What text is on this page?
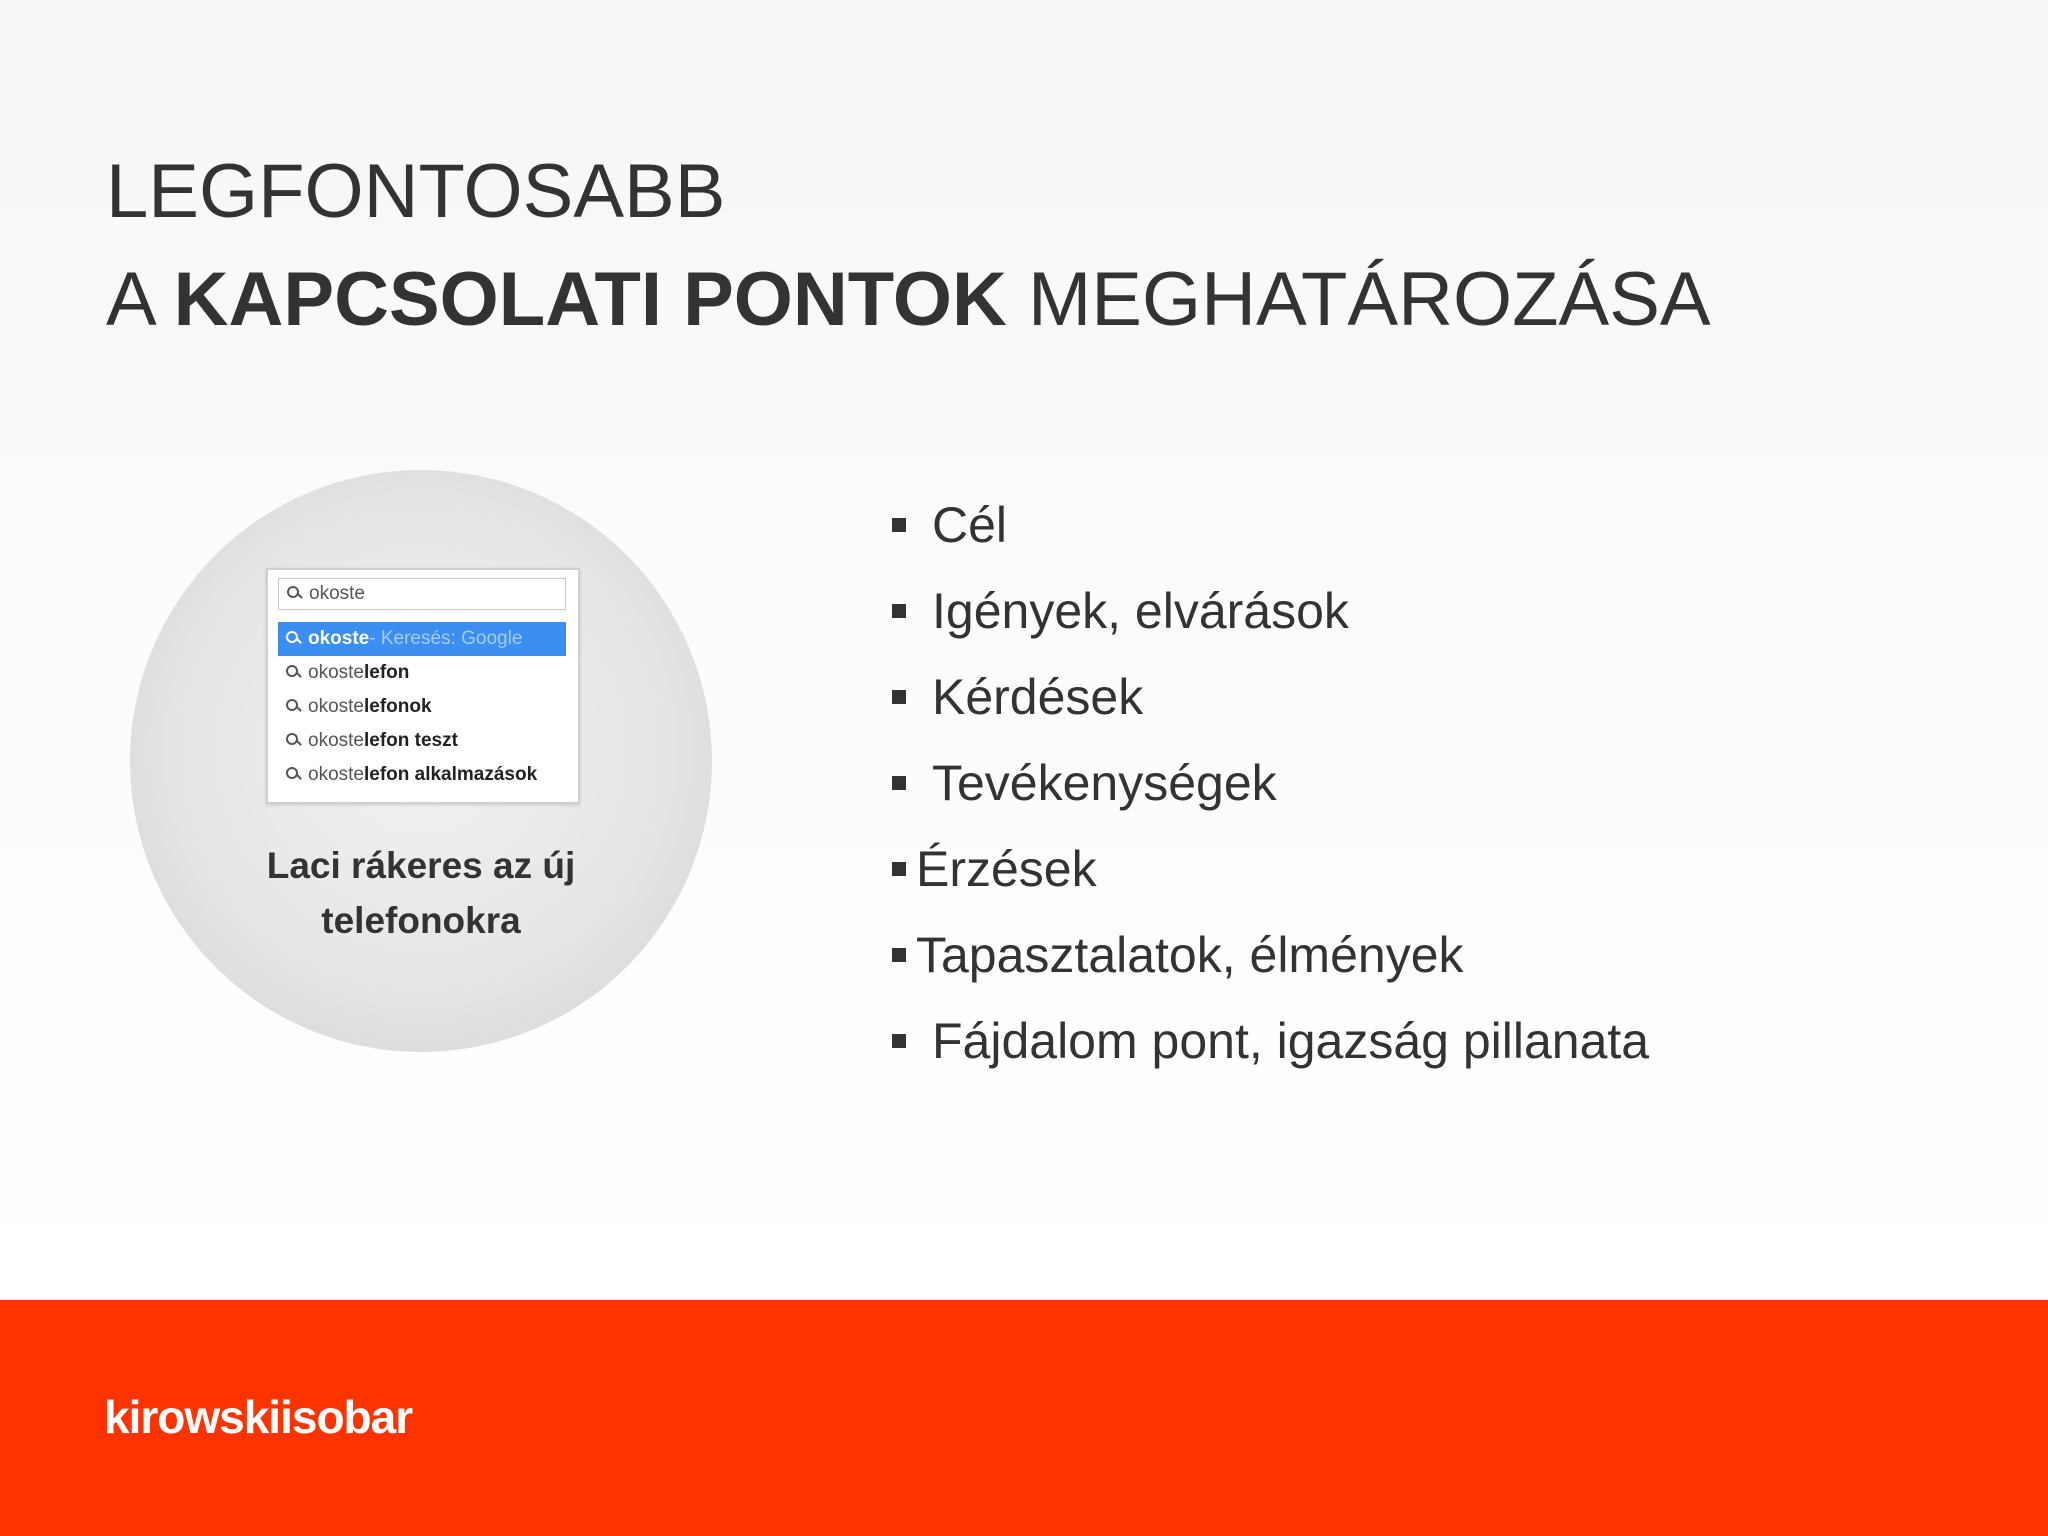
LEGFONTOSABB
A KAPCSOLATI PONTOK MEGHATÁROZÁSA
okoste
okoste - Keresés: Google
okoste lefon
okoste lefonok
okoste lefon teszt
okoste lefon alkalmazások
Laci rákeres az új
telefonokra
Cél
Igények, elvárások
Kérdések
Tevékenységek
Érzések
Tapasztalatok, élmények
Fájdalom pont, igazság pillanata
kirowskiisobar
